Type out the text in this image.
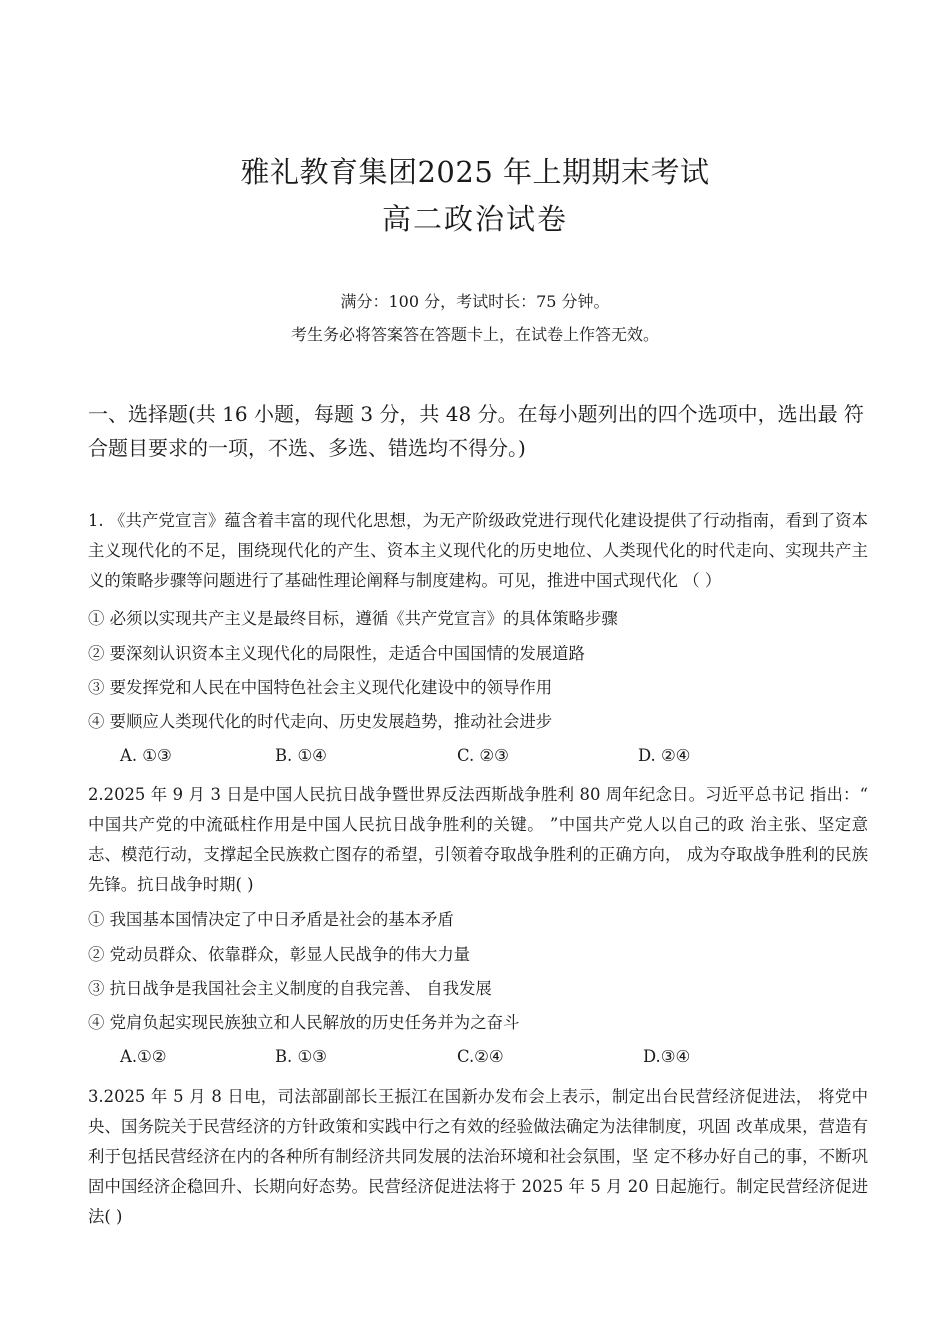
雅礼教育集团2025 年上期期末考试
高二政治试卷
满分：100 分，考试时长：75 分钟。
考生务必将答案答在答题卡上，在试卷上作答无效。
一、选择题(共 16 小题，每题 3 分，共 48 分。在每小题列出的四个选项中，选出最 符合题目要求的一项，不选、多选、错选均不得分。)
1. 《共产党宣言》蕴含着丰富的现代化思想，为无产阶级政党进行现代化建设提供了行动指南，看到了资本主义现代化的不足，围绕现代化的产生、资本主义现代化的历史地位、人类现代化的时代走向、实现共产主义的策略步骤等问题进行了基础性理论阐释与制度建构。可见，推进中国式现代化 （ ）
① 必须以实现共产主义是最终目标，遵循《共产党宣言》的具体策略步骤
② 要深刻认识资本主义现代化的局限性，走适合中国国情的发展道路
③ 要发挥党和人民在中国特色社会主义现代化建设中的领导作用
④ 要顺应人类现代化的时代走向、历史发展趋势，推动社会进步
A. ①③	B. ①④	C. ②③	D. ②④
2.2025 年 9 月 3 日是中国人民抗日战争暨世界反法西斯战争胜利 80 周年纪念日。习近平总书记 指出：“ 中国共产党的中流砥柱作用是中国人民抗日战争胜利的关键。 ”中国共产党人以自己的政 治主张、坚定意志、模范行动，支撑起全民族救亡图存的希望，引领着夺取战争胜利的正确方向， 成为夺取战争胜利的民族先锋。抗日战争时期( )
① 我国基本国情决定了中日矛盾是社会的基本矛盾
② 党动员群众、依靠群众，彰显人民战争的伟大力量
③ 抗日战争是我国社会主义制度的自我完善、 自我发展
④ 党肩负起实现民族独立和人民解放的历史任务并为之奋斗
A.①②	B. ①③	C.②④	D.③④
3.2025 年 5 月 8 日电，司法部副部长王振江在国新办发布会上表示，制定出台民营经济促进法， 将党中央、国务院关于民营经济的方针政策和实践中行之有效的经验做法确定为法律制度，巩固 改革成果，营造有利于包括民营经济在内的各种所有制经济共同发展的法治环境和社会氛围，坚 定不移办好自己的事，不断巩固中国经济企稳回升、长期向好态势。民营经济促进法将于 2025 年 5 月 20 日起施行。制定民营经济促进法( )
